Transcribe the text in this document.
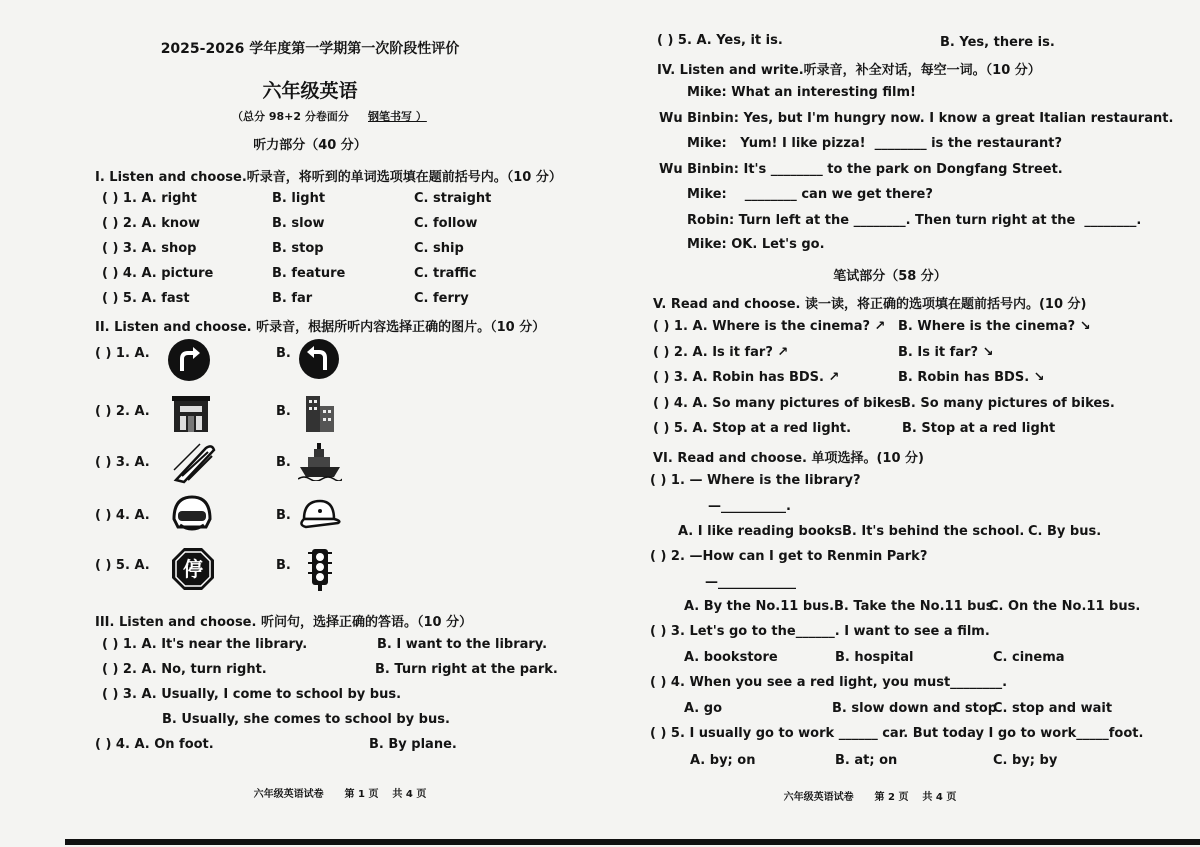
2025-2026 学年度第一学期第一次阶段性评价
六年级英语
（总分 98+2 分卷面分 钢笔书写 ）
听力部分（40 分）
I. Listen and choose.听录音，将听到的单词选项填在题前括号内。（10 分）
( ) 1. A. right	B. light	C. straight
( ) 2. A. know	B. slow	C. follow
( ) 3. A. shop	B. stop	C. ship
( ) 4. A. picture	B. feature	C. traffic
( ) 5. A. fast	B. far	C. ferry
II. Listen and choose. 听录音，根据所听内容选择正确的图片。（10 分）
( ) 1. A.	B.
( ) 2. A.	B.
( ) 3. A.	B.
( ) 4. A.	B.
( ) 5. A.	B.
停
III. Listen and choose. 听问句，选择正确的答语。（10 分）
( ) 1. A. It's near the library.	B. I want to the library.
( ) 2. A. No, turn right.	B. Turn right at the park.
( ) 3. A. Usually, I come to school by bus.
B. Usually, she comes to school by bus.
( ) 4. A. On foot.	B. By plane.
六年级英语试卷      第 1 页    共 4 页
( ) 5. A. Yes, it is.	B. Yes, there is.
IV. Listen and write.听录音，补全对话，每空一词。（10 分）
Mike: What an interesting film!
Wu Binbin: Yes, but I'm hungry now. I know a great Italian restaurant.
Mike:   Yum! I like pizza!  ________ is the restaurant?
Wu Binbin: It's ________ to the park on Dongfang Street.
Mike:    ________ can we get there?
Robin: Turn left at the ________. Then turn right at the  ________.
Mike: OK. Let's go.
笔试部分（58 分）
V. Read and choose. 读一读，将正确的选项填在题前括号内。(10 分)
( ) 1. A. Where is the cinema? ↗ B. Where is the cinema? ↘
( ) 2. A. Is it far? ↗	B. Is it far? ↘
( ) 3. A. Robin has BDS. ↗	B. Robin has BDS. ↘
( ) 4. A. So many pictures of bikes.
B. So many pictures of bikes.
( ) 5. A. Stop at a red light.	B. Stop at a red light
VI. Read and choose. 单项选择。(10 分)
( ) 1. — Where is the library?
—__________.
A. I like reading books.
B. It's behind the school. C. By bus.
( ) 2. —How can I get to Renmin Park?
—____________
A. By the No.11 bus. B. Take the No.11 bus.
C. On the No.11 bus.
( ) 3. Let's go to the______. I want to see a film.
A. bookstore	B. hospital	C. cinema
( ) 4. When you see a red light, you must________.
A. go	B. slow down and stop
C. stop and wait
( ) 5. I usually go to work ______ car. But today I go to work_____foot.
A. by; on	B. at; on	C. by; by
六年级英语试卷      第 2 页    共 4 页
